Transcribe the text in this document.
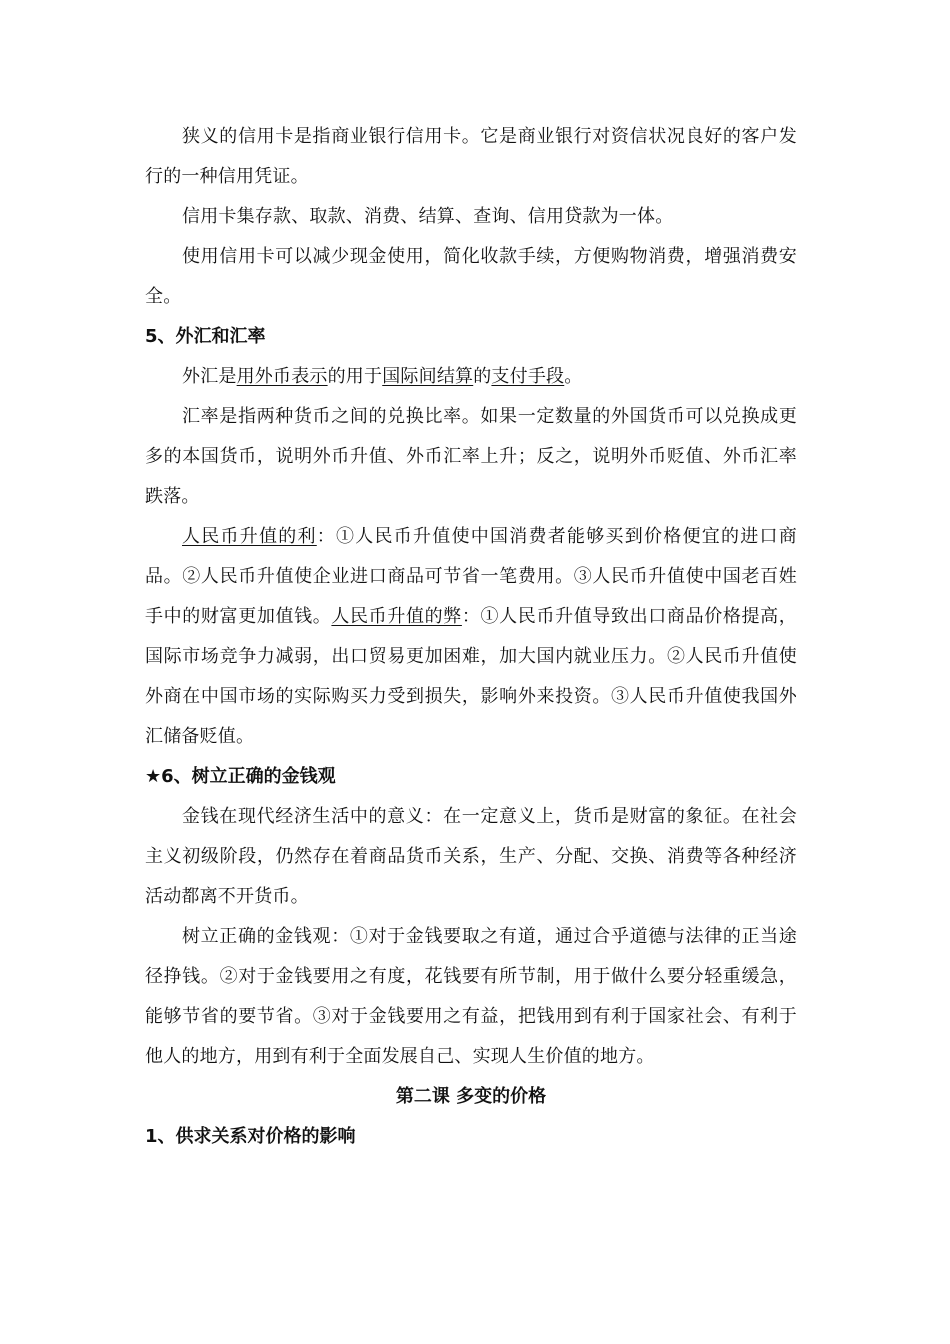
狭义的信用卡是指商业银行信用卡。它是商业银行对资信状况良好的客户发行的一种信用凭证。

信用卡集存款、取款、消费、结算、查询、信用贷款为一体。

使用信用卡可以减少现金使用，简化收款手续，方便购物消费，增强消费安全。

5、外汇和汇率

外汇是用外币表示的用于国际间结算的支付手段。

汇率是指两种货币之间的兑换比率。如果一定数量的外国货币可以兑换成更多的本国货币，说明外币升值、外币汇率上升；反之，说明外币贬值、外币汇率跌落。

人民币升值的利：①人民币升值使中国消费者能够买到价格便宜的进口商品。②人民币升值使企业进口商品可节省一笔费用。③人民币升值使中国老百姓手中的财富更加值钱。人民币升值的弊：①人民币升值导致出口商品价格提高，国际市场竞争力减弱，出口贸易更加困难，加大国内就业压力。②人民币升值使外商在中国市场的实际购买力受到损失，影响外来投资。③人民币升值使我国外汇储备贬值。

★6、树立正确的金钱观

金钱在现代经济生活中的意义：在一定意义上，货币是财富的象征。在社会主义初级阶段，仍然存在着商品货币关系，生产、分配、交换、消费等各种经济活动都离不开货币。

树立正确的金钱观：①对于金钱要取之有道，通过合乎道德与法律的正当途径挣钱。②对于金钱要用之有度，花钱要有所节制，用于做什么要分轻重缓急，能够节省的要节省。③对于金钱要用之有益，把钱用到有利于国家社会、有利于他人的地方，用到有利于全面发展自己、实现人生价值的地方。

第二课 多变的价格

1、供求关系对价格的影响
